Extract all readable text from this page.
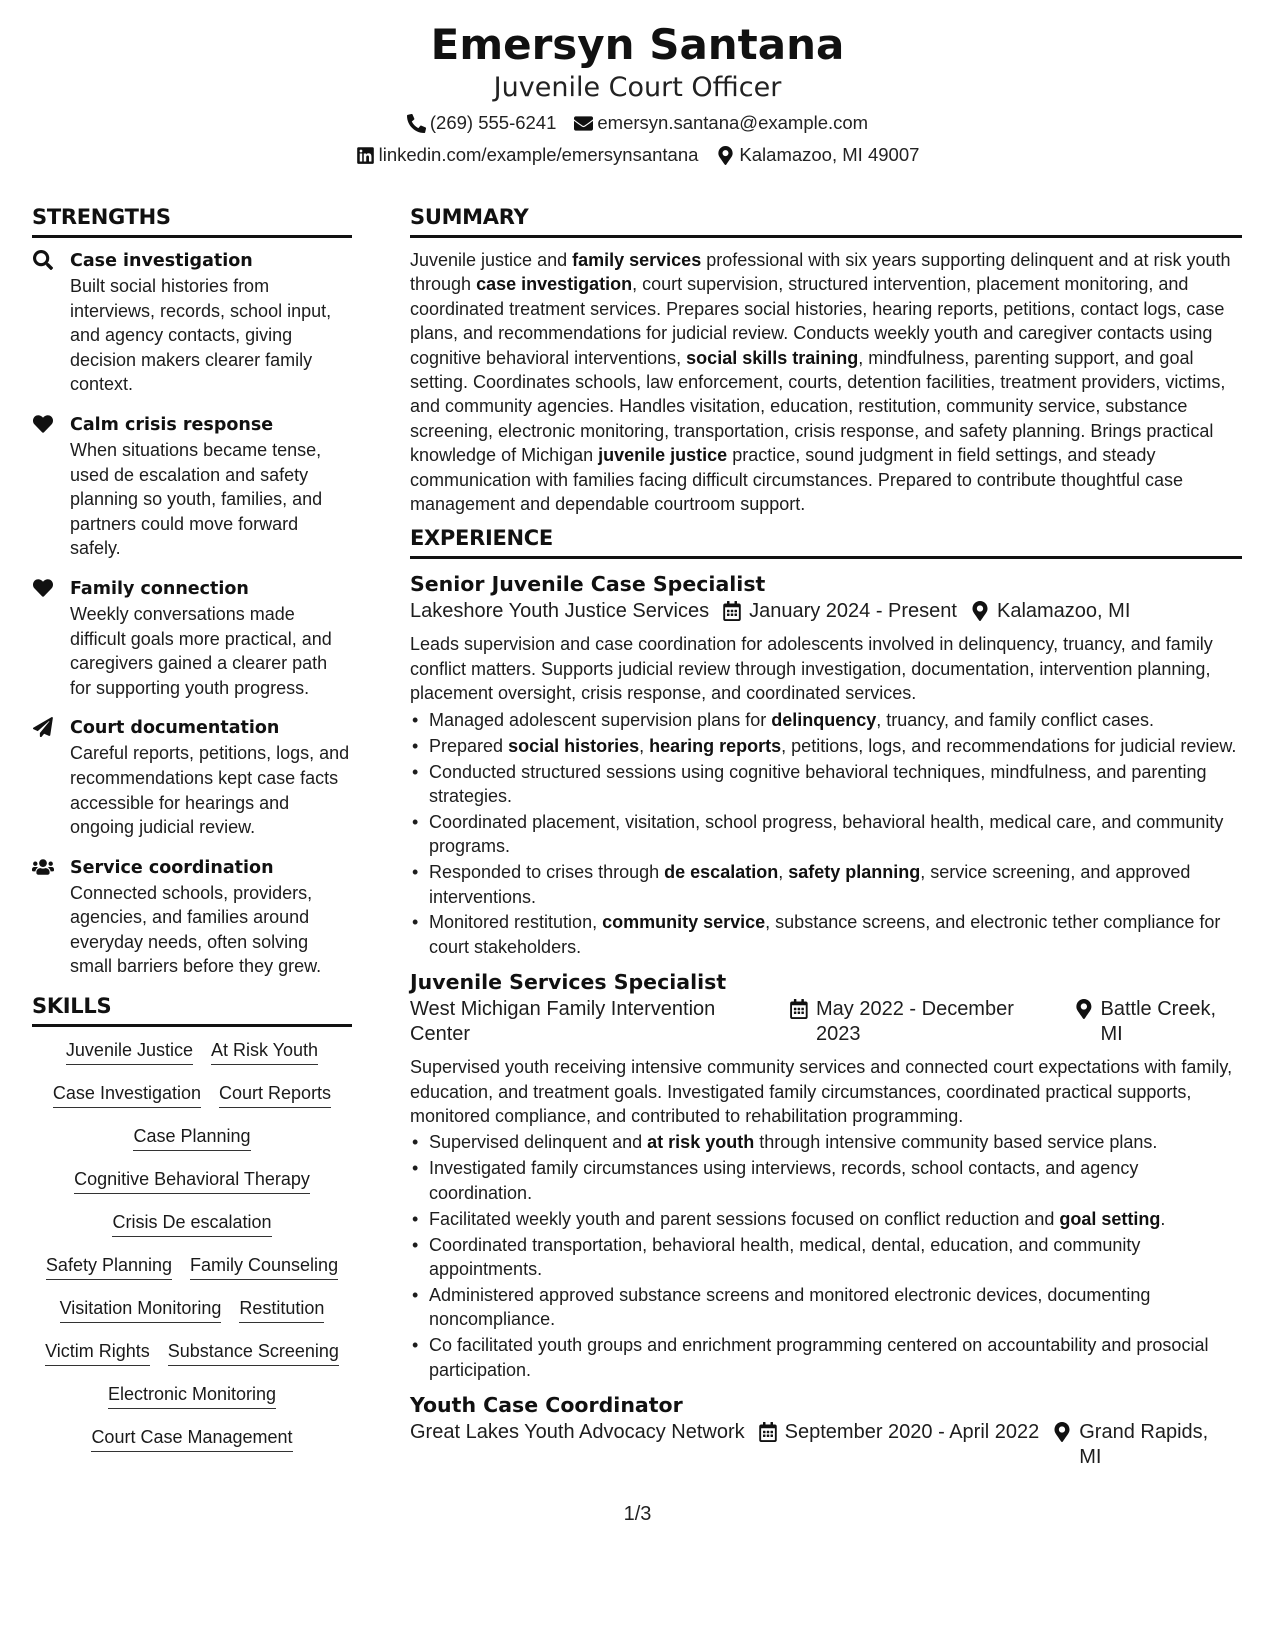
Emersyn Santana
Juvenile Court Officer
(269) 555-6241 emersyn.santana@example.com
linkedin.com/example/emersynsantana Kalamazoo, MI 49007
STRENGTHS
Case investigation
Built social histories from interviews, records, school input, and agency contacts, giving decision makers clearer family context.
Calm crisis response
When situations became tense, used de escalation and safety planning so youth, families, and partners could move forward safely.
Family connection
Weekly conversations made difficult goals more practical, and caregivers gained a clearer path for supporting youth progress.
Court documentation
Careful reports, petitions, logs, and recommendations kept case facts accessible for hearings and ongoing judicial review.
Service coordination
Connected schools, providers, agencies, and families around everyday needs, often solving small barriers before they grew.
SKILLS
Juvenile Justice At Risk Youth
Case Investigation Court Reports
Case Planning
Cognitive Behavioral Therapy
Crisis De escalation
Safety Planning Family Counseling
Visitation Monitoring Restitution
Victim Rights Substance Screening
Electronic Monitoring
Court Case Management
SUMMARY
Juvenile justice and family services professional with six years supporting delinquent and at risk youth through case investigation, court supervision, structured intervention, placement monitoring, and coordinated treatment services. Prepares social histories, hearing reports, petitions, contact logs, case plans, and recommendations for judicial review. Conducts weekly youth and caregiver contacts using cognitive behavioral interventions, social skills training, mindfulness, parenting support, and goal setting. Coordinates schools, law enforcement, courts, detention facilities, treatment providers, victims, and community agencies. Handles visitation, education, restitution, community service, substance screening, electronic monitoring, transportation, crisis response, and safety planning. Brings practical knowledge of Michigan juvenile justice practice, sound judgment in field settings, and steady communication with families facing difficult circumstances. Prepared to contribute thoughtful case management and dependable courtroom support.
EXPERIENCE
Senior Juvenile Case Specialist
Lakeshore Youth Justice Services January 2024 - Present Kalamazoo, MI
Leads supervision and case coordination for adolescents involved in delinquency, truancy, and family conflict matters. Supports judicial review through investigation, documentation, intervention planning, placement oversight, crisis response, and coordinated services.
• Managed adolescent supervision plans for delinquency, truancy, and family conflict cases.
• Prepared social histories, hearing reports, petitions, logs, and recommendations for judicial review.
• Conducted structured sessions using cognitive behavioral techniques, mindfulness, and parenting strategies.
• Coordinated placement, visitation, school progress, behavioral health, medical care, and community programs.
• Responded to crises through de escalation, safety planning, service screening, and approved interventions.
• Monitored restitution, community service, substance screens, and electronic tether compliance for court stakeholders.
Juvenile Services Specialist
West Michigan Family Intervention Center
May 2022 - December 2023
Battle Creek, MI
Supervised youth receiving intensive community services and connected court expectations with family, education, and treatment goals. Investigated family circumstances, coordinated practical supports, monitored compliance, and contributed to rehabilitation programming.
• Supervised delinquent and at risk youth through intensive community based service plans.
• Investigated family circumstances using interviews, records, school contacts, and agency coordination.
• Facilitated weekly youth and parent sessions focused on conflict reduction and goal setting.
• Coordinated transportation, behavioral health, medical, dental, education, and community appointments.
• Administered approved substance screens and monitored electronic devices, documenting noncompliance.
• Co facilitated youth groups and enrichment programming centered on accountability and prosocial participation.
Youth Case Coordinator
Great Lakes Youth Advocacy Network September 2020 - April 2022 Grand Rapids, MI
1/3
